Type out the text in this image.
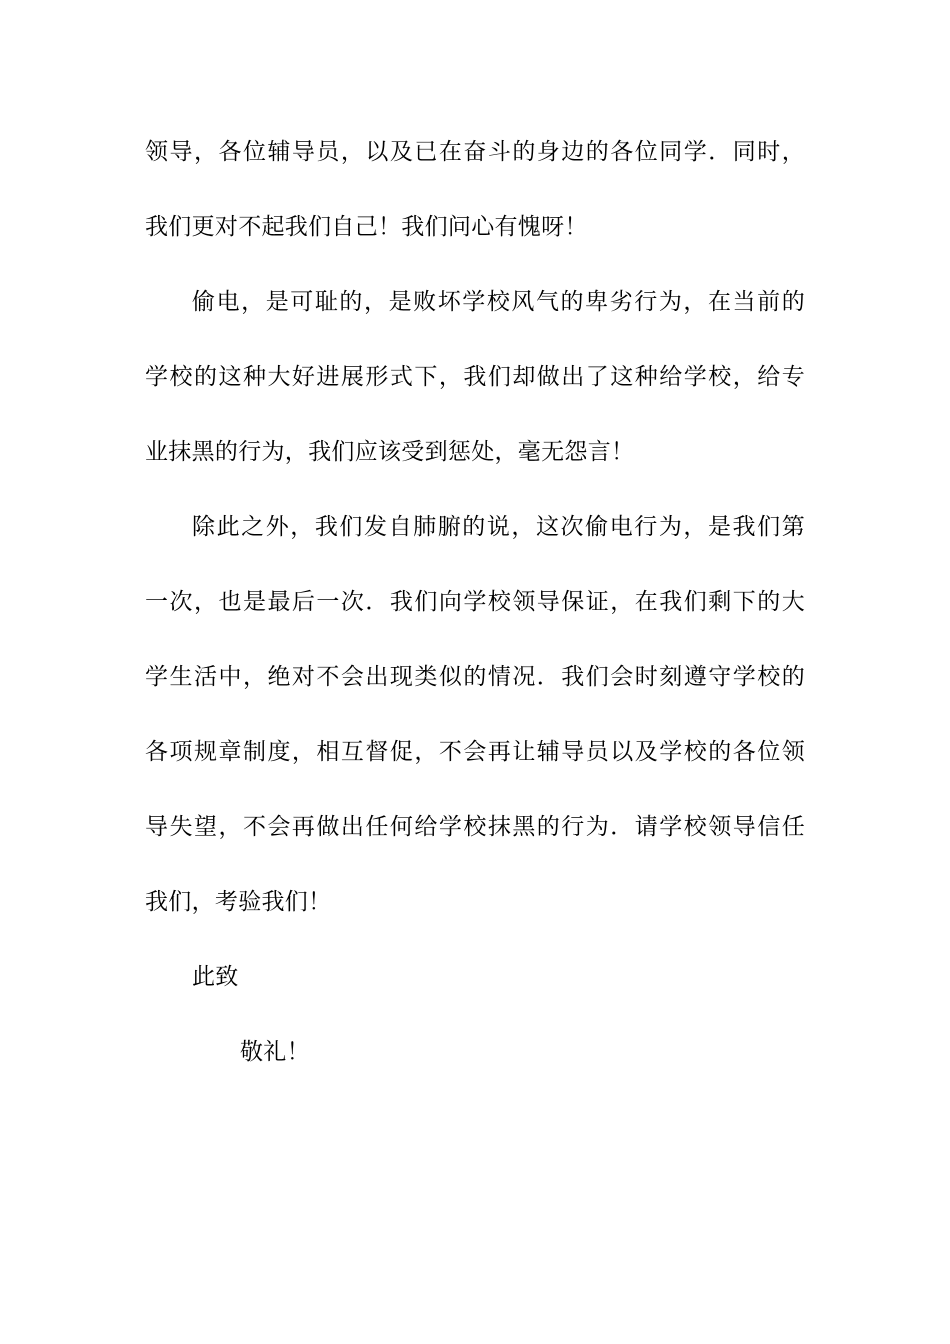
领导，各位辅导员，以及已在奋斗的身边的各位同学．同时，
我们更对不起我们自己！我们问心有愧呀！
偷电，是可耻的，是败坏学校风气的卑劣行为，在当前的
学校的这种大好进展形式下，我们却做出了这种给学校，给专
业抹黑的行为，我们应该受到惩处，毫无怨言！
除此之外，我们发自肺腑的说，这次偷电行为，是我们第
一次，也是最后一次．我们向学校领导保证，在我们剩下的大
学生活中，绝对不会出现类似的情况．我们会时刻遵守学校的
各项规章制度，相互督促，不会再让辅导员以及学校的各位领
导失望，不会再做出任何给学校抹黑的行为．请学校领导信任
我们，考验我们！
此致
敬礼！
